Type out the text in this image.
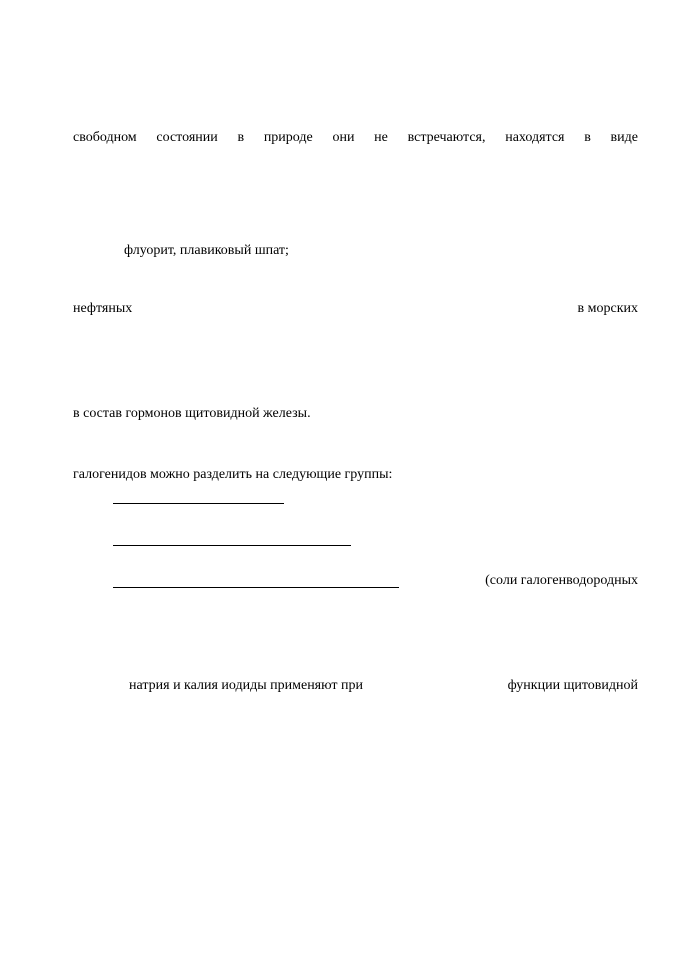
свободном состоянии в природе они не встречаются, находятся в виде
флуорит, плавиковый шпат;
нефтяных	в морских
в состав гормонов щитовидной железы.
галогенидов можно разделить на следующие группы:
(соли галогенводородных
натрия и калия иодиды применяют при	функции щитовидной
